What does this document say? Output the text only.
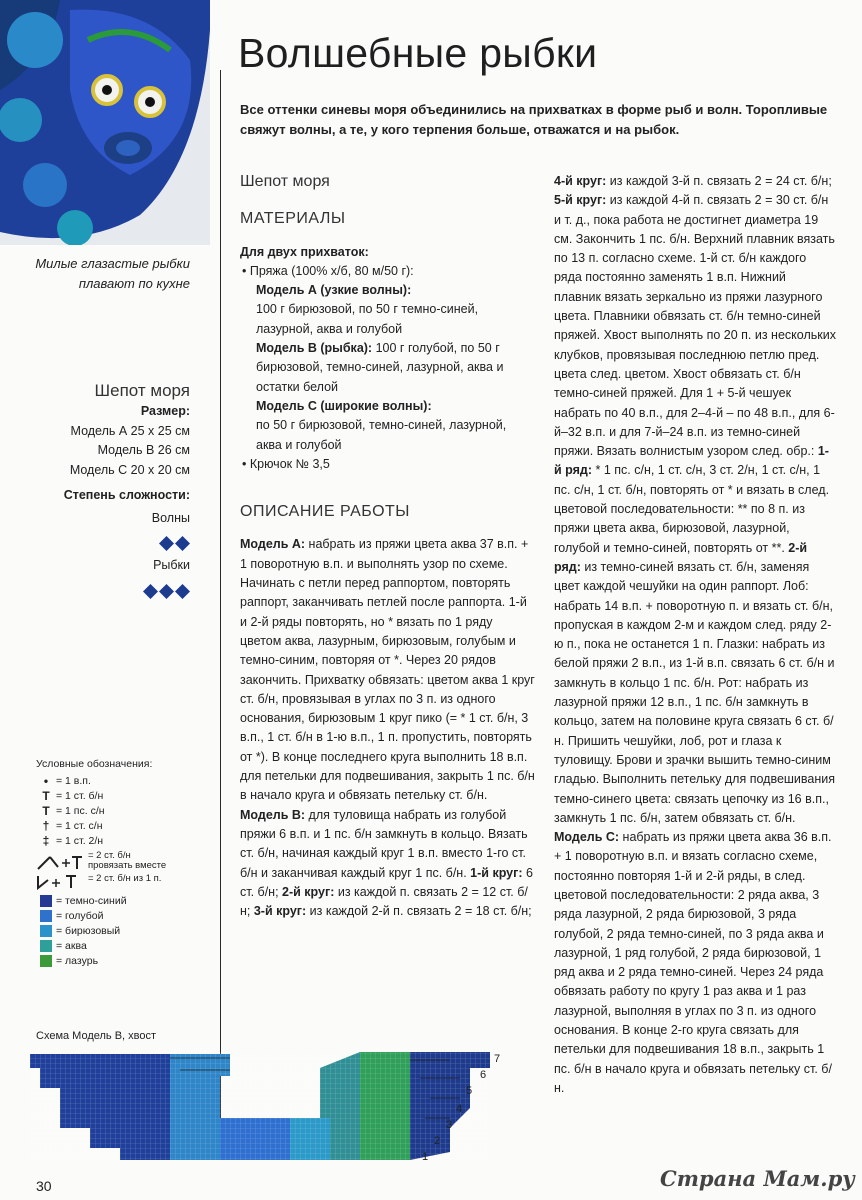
Волшебные рыбки

Все оттенки синевы моря объединились на прихватках в форме рыб и волн. Торопливые свяжут волны, а те, у кого терпения больше, отважатся и на рыбок.

Милые глазастые рыбки плавают по кухне
Шепот моря
Размер:
Модель А 25 x 25 см
Модель В 26 см
Модель С 20 x 20 см
Степень сложности:
Волны
Рыбки
Условные обозначения:
• = 1 в.п.
T = 1 ст. б/н
T = 1 пс. с/н
† = 1 ст. с/н
‡ = 1 ст. 2/н
= 2 ст. б/н
провязать вместе
= 2 ст. б/н из 1 п.
= темно-синий
= голубой
= бирюзовый
= аква
= лазурь
Схема Модель В, хвост
1
2
3
4
5
6
7
30	Страна Мам.ру
Шепот моря
МАТЕРИАЛЫ

Для двух прихваток:

• Пряжа (100% х/б, 80 м/50 г):

Модель А (узкие волны):

100 г бирюзовой, по 50 г темно-синей, лазурной, аква и голубой

Модель В (рыбка): 100 г голубой, по 50 г бирюзовой, темно-синей, лазурной, аква и остатки белой

Модель С (широкие волны):

по 50 г бирюзовой, темно-синей, лазурной, аква и голубой

• Крючок № 3,5

ОПИСАНИЕ РАБОТЫ

Модель А: набрать из пряжи цвета аква 37 в.п. + 1 поворотную в.п. и выполнять узор по схеме. Начинать с петли перед раппортом, повторять раппорт, заканчивать петлей после раппорта. 1-й и 2-й ряды повторять, но * вязать по 1 ряду цветом аква, лазурным, бирюзовым, голубым и темно-синим, повторяя от *. Через 20 рядов закончить. Прихватку обвязать: цветом аква 1 круг ст. б/н, провязывая в углах по 3 п. из одного основания, бирюзовым 1 круг пико (= * 1 ст. б/н, 3 в.п., 1 ст. б/н в 1-ю в.п., 1 п. пропустить, повторять от *). В конце последнего круга выполнить 18 в.п. для петельки для подвешивания, закрыть 1 пс. б/н в начало круга и обвязать петельку ст. б/н.

Модель В: для туловища набрать из голубой пряжи 6 в.п. и 1 пс. б/н замкнуть в кольцо. Вязать ст. б/н, начиная каждый круг 1 в.п. вместо 1-го ст. б/н и заканчивая каждый круг 1 пс. б/н. 1-й круг: 6 ст. б/н; 2-й круг: из каждой п. связать 2 = 12 ст. б/н; 3-й круг: из каждой 2-й п. связать 2 = 18 ст. б/н;

4-й круг: из каждой 3-й п. связать 2 = 24 ст. б/н; 5-й круг: из каждой 4-й п. связать 2 = 30 ст. б/н и т. д., пока работа не достигнет диаметра 19 см. Закончить 1 пс. б/н. Верхний плавник вязать по 13 п. согласно схеме. 1-й ст. б/н каждого ряда постоянно заменять 1 в.п. Нижний плавник вязать зеркально из пряжи лазурного цвета. Плавники обвязать ст. б/н темно-синей пряжей. Хвост выполнять по 20 п. из нескольких клубков, провязывая последнюю петлю пред. цвета след. цветом. Хвост обвязать ст. б/н темно-синей пряжей. Для 1 + 5-й чешуек набрать по 40 в.п., для 2–4-й – по 48 в.п., для 6-й–32 в.п. и для 7-й–24 в.п. из темно-синей пряжи. Вязать волнистым узором след. обр.: 1-й ряд: * 1 пс. с/н, 1 ст. с/н, 3 ст. 2/н, 1 ст. с/н, 1 пс. с/н, 1 ст. б/н, повторять от * и вязать в след. цветовой последовательности: ** по 8 п. из пряжи цвета аква, бирюзовой, лазурной, голубой и темно-синей, повторять от **. 2-й ряд: из темно-синей вязать ст. б/н, заменяя цвет каждой чешуйки на один раппорт. Лоб: набрать 14 в.п. + поворотную п. и вязать ст. б/н, пропуская в каждом 2-м и каждом след. ряду 2-ю п., пока не останется 1 п. Глазки: набрать из белой пряжи 2 в.п., из 1-й в.п. связать 6 ст. б/н и замкнуть в кольцо 1 пс. б/н. Рот: набрать из лазурной пряжи 12 в.п., 1 пс. б/н замкнуть в кольцо, затем на половине круга связать 6 ст. б/н. Пришить чешуйки, лоб, рот и глаза к туловищу. Брови и зрачки вышить темно-синим гладью. Выполнить петельку для подвешивания темно-синего цвета: связать цепочку из 16 в.п., замкнуть 1 пс. б/н, затем обвязать ст. б/н.

Модель С: набрать из пряжи цвета аква 36 в.п. + 1 поворотную в.п. и вязать согласно схеме, постоянно повторяя 1-й и 2-й ряды, в след. цветовой последовательности: 2 ряда аква, 3 ряда лазурной, 2 ряда бирюзовой, 3 ряда голубой, 2 ряда темно-синей, по 3 ряда аква и лазурной, 1 ряд голубой, 2 ряда бирюзовой, 1 ряд аква и 2 ряда темно-синей. Через 24 ряда обвязать работу по кругу 1 раз аква и 1 раз лазурной, выполняя в углах по 3 п. из одного основания. В конце 2-го круга связать для петельки для подвешивания 18 в.п., закрыть 1 пс. б/н в начало круга и обвязать петельку ст. б/н.
